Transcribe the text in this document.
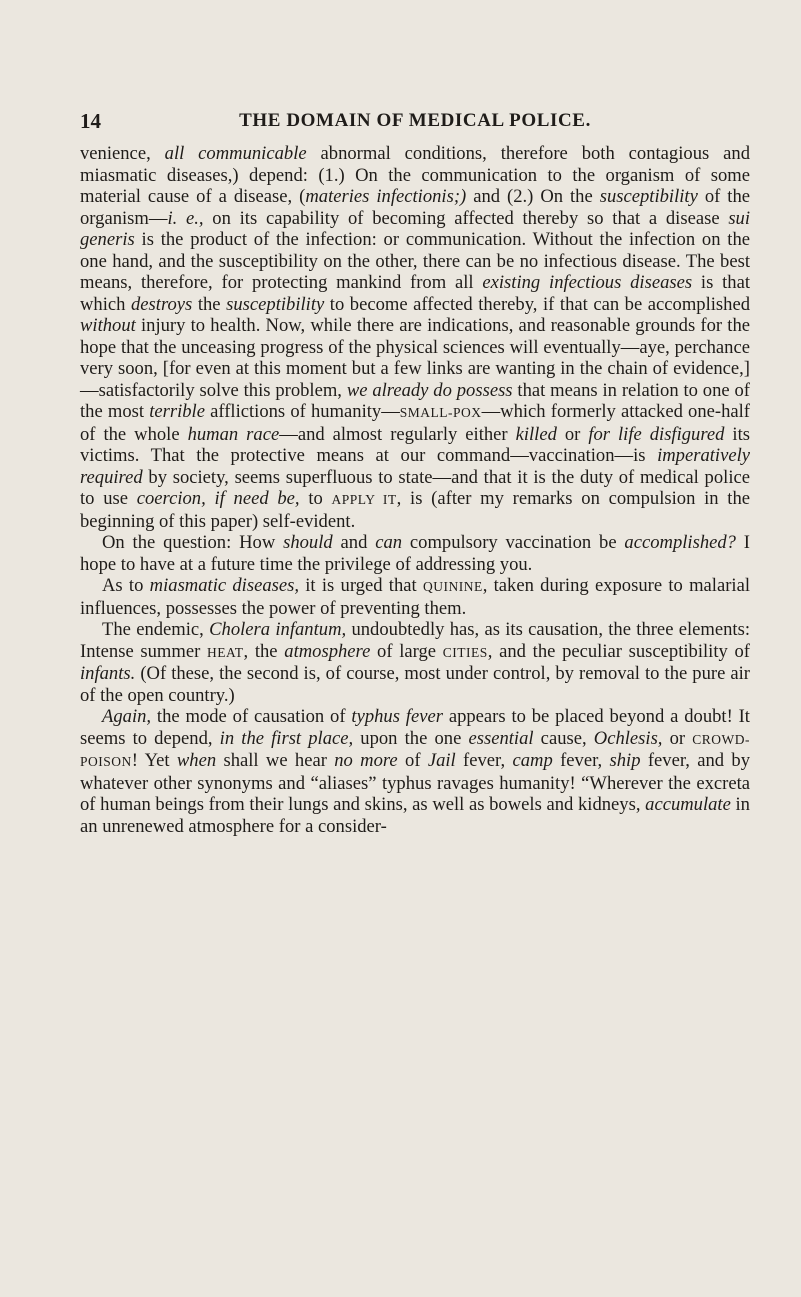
14	THE DOMAIN OF MEDICAL POLICE.

venience, all communicable abnormal conditions, therefore both contagious and miasmatic diseases,) depend: (1.) On the communication to the organism of some material cause of a disease, (materies infectionis;) and (2.) On the susceptibility of the organism—i. e., on its capability of becoming affected thereby so that a disease sui generis is the product of the infection: or communication. Without the infection on the one hand, and the susceptibility on the other, there can be no infectious disease. The best means, therefore, for protecting mankind from all existing infectious diseases is that which destroys the susceptibility to become affected thereby, if that can be accomplished without injury to health. Now, while there are indications, and reasonable grounds for the hope that the unceasing progress of the physical sciences will eventually—aye, perchance very soon, [for even at this moment but a few links are wanting in the chain of evidence,]—satisfactorily solve this problem, we already do possess that means in relation to one of the most terrible afflictions of humanity—SMALL-POX—which formerly attacked one-half of the whole human race—and almost regularly either killed or for life disfigured its victims. That the protective means at our command—vaccination—is imperatively required by society, seems superfluous to state—and that it is the duty of medical police to use coercion, if need be, to APPLY IT, is (after my remarks on compulsion in the beginning of this paper) self-evident.

On the question: How should and can compulsory vaccination be accomplished? I hope to have at a future time the privilege of addressing you.

As to miasmatic diseases, it is urged that QUININE, taken during exposure to malarial influences, possesses the power of preventing them.

The endemic, Cholera infantum, undoubtedly has, as its causation, the three elements: Intense summer HEAT, the atmosphere of large CITIES, and the peculiar susceptibility of infants. (Of these, the second is, of course, most under control, by removal to the pure air of the open country.)

Again, the mode of causation of typhus fever appears to be placed beyond a doubt! It seems to depend, in the first place, upon the one essential cause, Ochlesis, or CROWD-POISON! Yet when shall we hear no more of Jail fever, camp fever, ship fever, and by whatever other synonyms and “aliases” typhus ravages humanity! “Wherever the excreta of human beings from their lungs and skins, as well as bowels and kidneys, accumulate in an unrenewed atmosphere for a consider-
